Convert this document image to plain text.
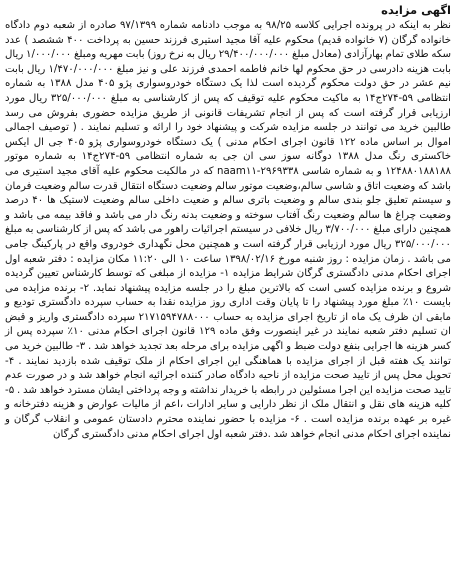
اگهی مزایده

نظر به اینکه در پرونده اجرایی کلاسه ۹۸/۲۵ به موجب دادنامه شماره ۹۷/۱۳۹۹ صادره از شعبه دوم دادگاه خانواده گرگان (۷ خانواده قدیم) محکوم علیه آقا مجید استیری فرزند حسین به پرداخت ۴۰۰ ششصد ) عدد سکه طلای تمام بهارآزادی (معادل مبلغ ۲۹/۴۰۰/۰۰۰/۰۰۰ ریال به نرخ روز) بابت مهریه ومبلغ ۱/۰۰۰/۰۰۰ ریال بابت هزینه دادرسی در حق محکوم لها خانم فاطمه احمدی فرزند علی و نیز مبلغ ۱/۴۷۰/۰۰۰/۰۰۰ ریال بابت نیم عشر در حق دولت محکوم گردیده است لذا یک دستگاه خودروسواری پژو ۴۰۵ مدل ۱۳۸۸ به شماره انتظامی ۵۹-۲۷۴ج۱۴ به ماکیت محکوم علیه توقیف که پس از کارشناسی به مبلغ ۳۲۵/۰۰۰/۰۰۰ ریال مورد ارزیابی قرار گرفته است که پس از انجام تشریفات قانونی از طریق مزایده حضوری بفروش می رسد طالبین خرید می توانند در جلسه مزایده شرکت و پیشنهاد خود را ارائه و تسلیم نمایند . ( توصیف اجمالی اموال بر اساس ماده ۱۲۲ قانون اجرای احکام مدنی ) یک دستگاه خودروسواری پژو ۴۰۵ جی ال ایکس خاکستری رنگ مدل ۱۳۸۸ دوگانه سوز سی ان جی به شماره انتظامی ۵۹-۲۷۴ج۱۴ به شماره موتور ۱۲۴۸۸۰۱۸۸۱۸۸ و به شماره شاسی naam۱۱-۲۹۶۹۳۳۸ که در مالکیت محکوم علیه آقای مجید استیری می باشد که وضعیت اتاق و شاسی سالم،وضعیت موتور سالم وضعیت دستگاه انتقال قدرت سالم وضعیت فرمان و سیستم تعلیق جلو بندی سالم و وضعیت باتری سالم و ضعیت داخلی سالم وضعیت لاستیک ها ۴۰ درصد وضعیت چراغ ها سالم وضعیت رنگ آفتاب سوخته و وضعیت بدنه رنگ دار می باشد و فاقد بیمه می باشد و همچنین دارای مبلغ ۳/۷۰۰/۰۰۰ ریال خلافی در سیستم اجرائیات راهور می باشد که پس از کارشناسی به مبلغ ۳۲۵/۰۰۰/۰۰۰ ریال مورد ارزیابی قرار گرفته است و همچنین محل نگهداری خودروی واقع در پارکینگ جامی می باشد . زمان مزایده : روز شنبه مورخ ۱۳۹۸/۰۲/۱۶ ساعت ۱۰ الی ۱۱:۲۰ مکان مزایده : دفتر شعبه اول اجرای احکام مدنی دادگستری گرگان شرایط مزایده ۱- مزایده از مبلغی که توسط کارشناس تعیین گردیده شروع و برنده مزایده کسی است که بالاترین مبلغ را در جلسه مزایده پیشنهاد نماید. ۲- برنده مزایده می بایست ۱۰٪ مبلغ مورد پیشنهاد را تا پایان وقت اداری روز مزایده نقدا به حساب سپرده دادگستری تودیع و مابقی ان ظرف یک ماه از تاریخ اجرای مزایده به حساب ۲۱۷۱۵۹۴۷۸۸۰۰۰ سپرده دادگستری واریز و قبض ان تسلیم دفتر شعبه نمایند در غیر اینصورت وفق ماده ۱۲۹ قانون اجرای احکام مدنی ۱۰٪ سپرده پس از کسر هزینه ها اجرایی بنفع دولت ضبط و اگهی مزایده برای مرحله بعد تجدید خواهد شد . ۳- طالبین خرید می توانند یک هفته قبل از اجرای مزایده با هماهنگی این اجرای احکام از ملک توقیف شده بازدید نمایند . ۴- تحویل محل پس از تایید صحت مزایده از ناحیه دادگاه صادر کننده اجرائیه انجام خواهد شد و در صورت عدم تایید صحت مزایده این اجرا مسئولین در رابطه با خریدار نداشته و وجه پرداختی ایشان مسترد خواهد شد . ۵- کلیه هزینه های نقل و انتقال ملک از نظر دارایی و سایر ادارات ،اعم از مالیات عوارض و هزینه دفترخانه و غیره بر عهده برنده مزایده است . ۶- مزایده با حضور نماینده محترم دادستان عمومی و انقلاب گرگان و نماینده اجرای احکام مدنی انجام خواهد شد .دفتر شعبه اول اجرای احکام مدنی دادگستری گرگان
